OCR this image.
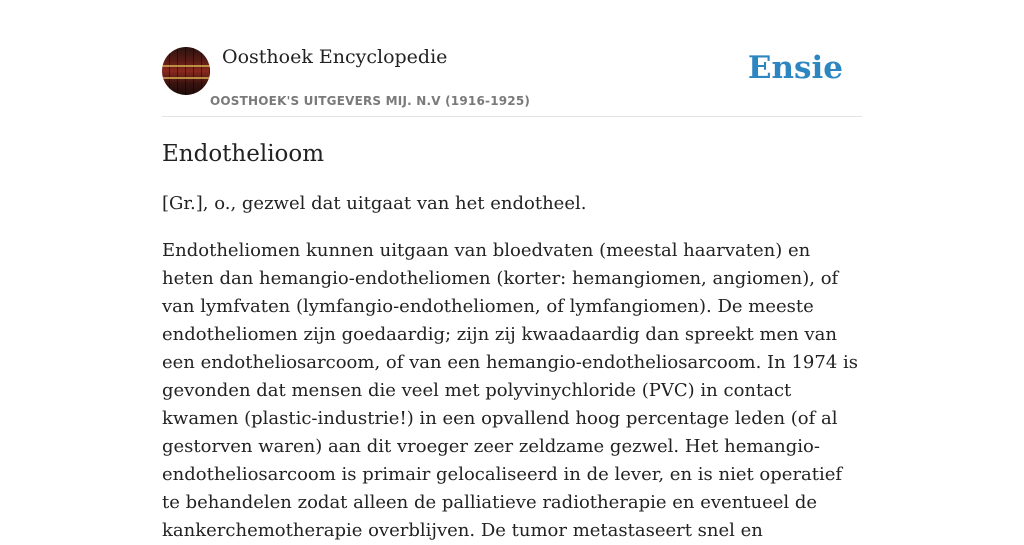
Oosthoek Encyclopedie
OOSTHOEK'S UITGEVERS MIJ. N.V (1916-1925)
Ensie
Endothelioom

[Gr.], o., gezwel dat uitgaat van het endotheel.

Endotheliomen kunnen uitgaan van bloedvaten (meestal haarvaten) en heten dan hemangio-endotheliomen (korter: hemangiomen, angiomen), of van lymfvaten (lymfangio-endotheliomen, of lymfangiomen). De meeste endotheliomen zijn goedaardig; zijn zij kwaadaardig dan spreekt men van een endotheliosarcoom, of van een hemangio-endotheliosarcoom. In 1974 is gevonden dat mensen die veel met polyvinychloride (PVC) in contact kwamen (plastic-industrie!) in een opvallend hoog percentage leden (of al gestorven waren) aan dit vroeger zeer zeldzame gezwel. Het hemangio-endotheliosarcoom is primair gelocaliseerd in de lever, en is niet operatief te behandelen zodat alleen de palliatieve radiotherapie en eventueel de kankerchemotherapie overblijven. De tumor metastaseert snel en
